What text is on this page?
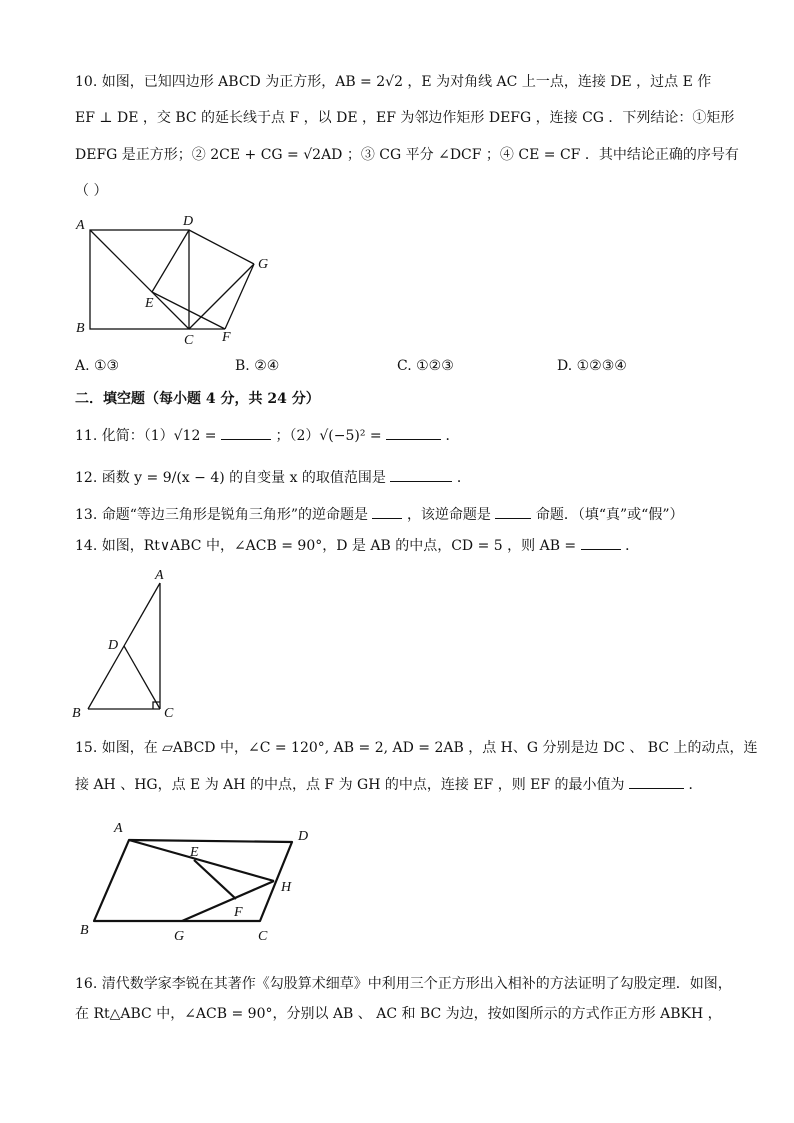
10. 如图，已知四边形 ABCD 为正方形，AB = 2√2 ，E 为对角线 AC 上一点，连接 DE ，过点 E 作
EF ⊥ DE ，交 BC 的延长线于点 F ，以 DE ，EF 为邻边作矩形 DEFG ，连接 CG ．下列结论：①矩形
DEFG 是正方形；② 2CE + CG = √2AD ；③ CG 平分 ∠DCF ；④ CE = CF ．其中结论正确的序号有
（ ）
A	D
G
E
B
C F
A. ①③	B. ②④	C. ①②③	D. ①②③④
二．填空题（每小题 4 分，共 24 分）
11. 化简：（1）√12 =	；（2）√(−5)² =	．
12. 函数 y = 9/(x − 4) 的自变量 x 的取值范围是	．
13. 命题“等边三角形是锐角三角形”的逆命题是	，该逆命题是	命题．（填“真”或“假”）
14. 如图，Rt∨ABC 中，∠ACB = 90°，D 是 AB 的中点，CD = 5 ，则 AB =	．
A
D
B	C
15. 如图，在 ▱ABCD 中，∠C = 120°, AB = 2, AD = 2AB ，点 H、G 分别是边 DC 、 BC 上的动点，连
接 AH 、HG，点 E 为 AH 的中点，点 F 为 GH 的中点，连接 EF ，则 EF 的最小值为	．
A
D
E
H
F
B	G	C
16. 清代数学家李锐在其著作《勾股算术细草》中利用三个正方形出入相补的方法证明了勾股定理．如图，
在 Rt△ABC 中，∠ACB = 90°，分别以 AB 、 AC 和 BC 为边，按如图所示的方式作正方形 ABKH ，
